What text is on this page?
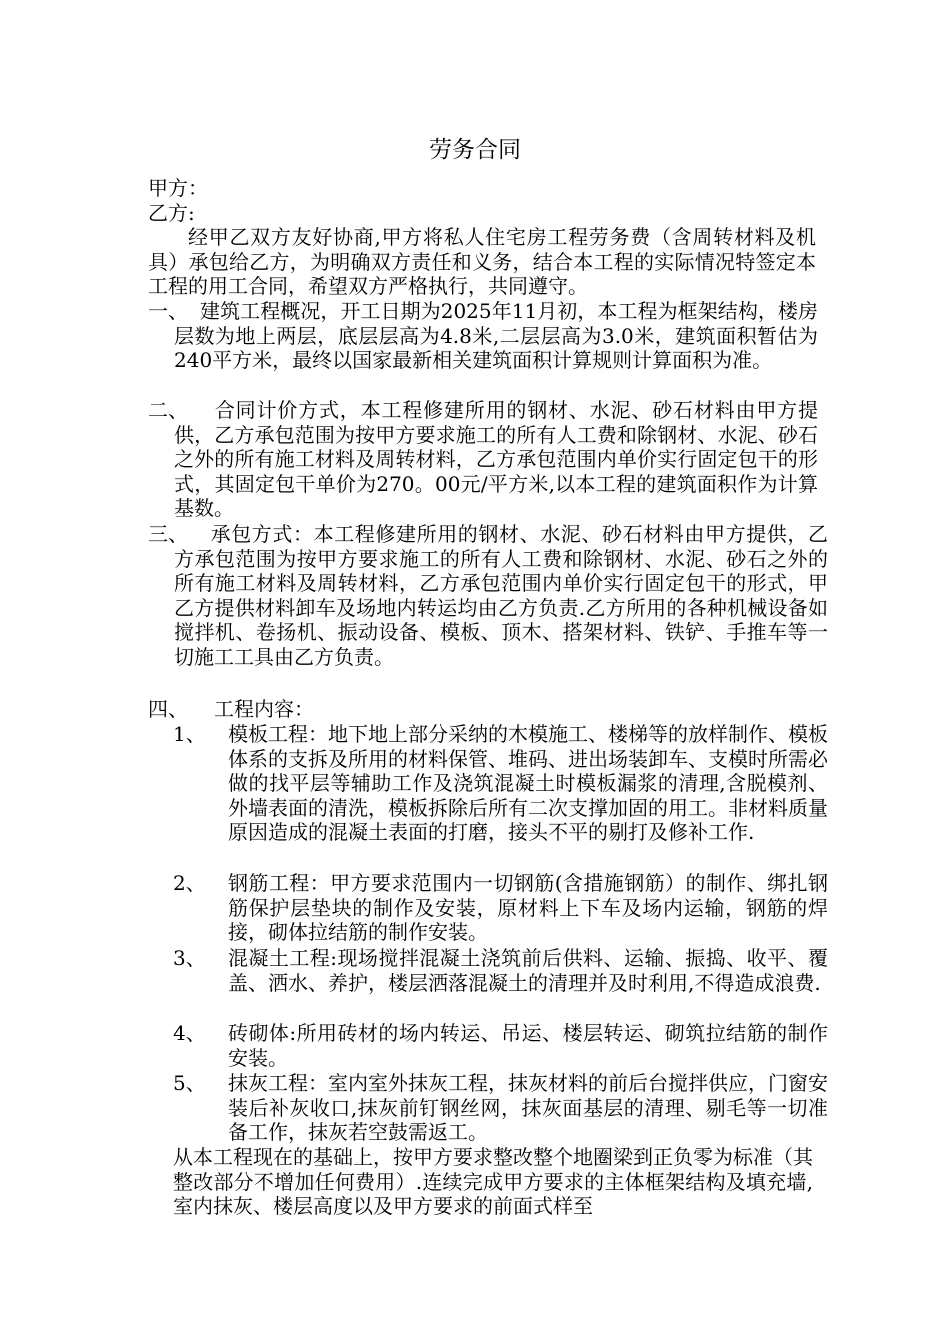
劳务合同
甲方：
乙方:
经甲乙双方友好协商,甲方将私人住宅房工程劳务费（含周转材料及机具）承包给乙方，为明确双方责任和义务，结合本工程的实际情况特签定本工程的用工合同，希望双方严格执行，共同遵守。
一、 建筑工程概况，开工日期为2025年11月初，本工程为框架结构，楼房层数为地上两层，底层层高为4.8米,二层层高为3.0米，建筑面积暂估为240平方米，最终以国家最新相关建筑面积计算规则计算面积为准。
二、 合同计价方式，本工程修建所用的钢材、水泥、砂石材料由甲方提供，乙方承包范围为按甲方要求施工的所有人工费和除钢材、水泥、砂石之外的所有施工材料及周转材料，乙方承包范围内单价实行固定包干的形式，其固定包干单价为270。00元/平方米,以本工程的建筑面积作为计算基数。
三、 承包方式：本工程修建所用的钢材、水泥、砂石材料由甲方提供，乙方承包范围为按甲方要求施工的所有人工费和除钢材、水泥、砂石之外的所有施工材料及周转材料，乙方承包范围内单价实行固定包干的形式，甲乙方提供材料卸车及场地内转运均由乙方负责.乙方所用的各种机械设备如搅拌机、卷扬机、振动设备、模板、顶木、搭架材料、铁铲、手推车等一切施工工具由乙方负责。
四、 工程内容：
1、	模板工程：地下地上部分采纳的木模施工、楼梯等的放样制作、模板体系的支拆及所用的材料保管、堆码、进出场装卸车、支模时所需必做的找平层等辅助工作及浇筑混凝土时模板漏浆的清理,含脱模剂、外墙表面的清洗，模板拆除后所有二次支撑加固的用工。非材料质量原因造成的混凝土表面的打磨，接头不平的剔打及修补工作.
2、	钢筋工程：甲方要求范围内一切钢筋(含措施钢筋）的制作、绑扎钢筋保护层垫块的制作及安装，原材料上下车及场内运输，钢筋的焊接，砌体拉结筋的制作安装。
3、	混凝土工程:现场搅拌混凝土浇筑前后供料、运输、振捣、收平、覆盖、洒水、养护，楼层洒落混凝土的清理并及时利用,不得造成浪费.
4、	砖砌体:所用砖材的场内转运、吊运、楼层转运、砌筑拉结筋的制作安装。
5、	抹灰工程：室内室外抹灰工程，抹灰材料的前后台搅拌供应，门窗安装后补灰收口,抹灰前钉钢丝网，抹灰面基层的清理、剔毛等一切准备工作，抹灰若空鼓需返工。
从本工程现在的基础上，按甲方要求整改整个地圈梁到正负零为标准（其整改部分不增加任何费用）.连续完成甲方要求的主体框架结构及填充墙,室内抹灰、楼层高度以及甲方要求的前面式样至
